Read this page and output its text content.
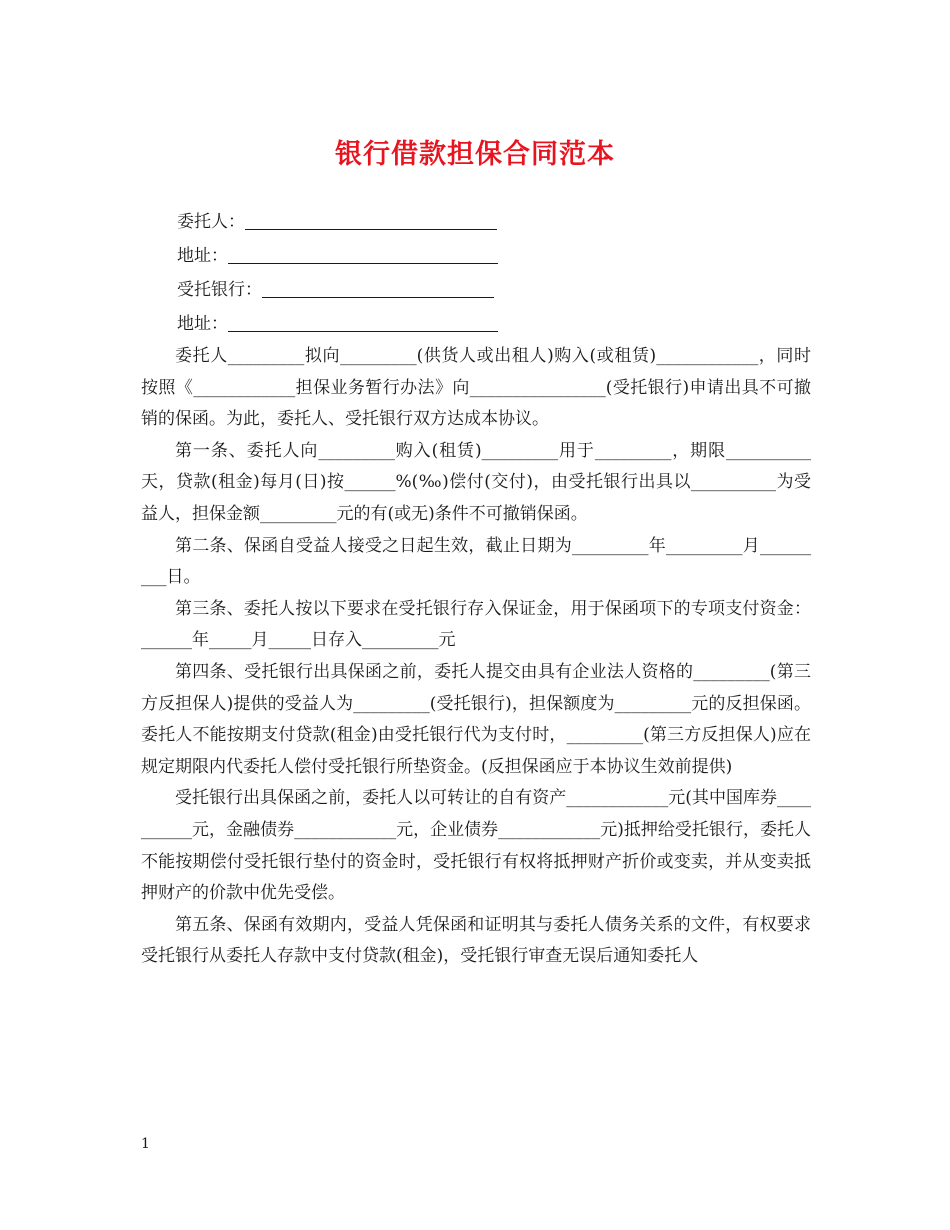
银行借款担保合同范本
委托人：
地址：
受托银行：
地址：

委托人_________拟向_________(供货人或出租人)购入(或租赁)____________，同时按照《____________担保业务暂行办法》向________________(受托银行)申请出具不可撤销的保函。为此，委托人、受托银行双方达成本协议。

第一条、委托人向_________购入(租赁)_________用于_________，期限__________天，贷款(租金)每月(日)按______%(‰)偿付(交付)，由受托银行出具以__________为受益人，担保金额_________元的有(或无)条件不可撤销保函。

第二条、保函自受益人接受之日起生效，截止日期为_________年_________月_________日。

第三条、委托人按以下要求在受托银行存入保证金，用于保函项下的专项支付资金：______年_____月_____日存入_________元

第四条、受托银行出具保函之前，委托人提交由具有企业法人资格的_________(第三方反担保人)提供的受益人为_________(受托银行)，担保额度为_________元的反担保函。委托人不能按期支付贷款(租金)由受托银行代为支付时，_________(第三方反担保人)应在规定期限内代委托人偿付受托银行所垫资金。(反担保函应于本协议生效前提供)

受托银行出具保函之前，委托人以可转让的自有资产____________元(其中国库券__________元，金融债券____________元，企业债券____________元)抵押给受托银行，委托人不能按期偿付受托银行垫付的资金时，受托银行有权将抵押财产折价或变卖，并从变卖抵押财产的价款中优先受偿。

第五条、保函有效期内，受益人凭保函和证明其与委托人债务关系的文件，有权要求受托银行从委托人存款中支付贷款(租金)，受托银行审查无误后通知委托人

1
